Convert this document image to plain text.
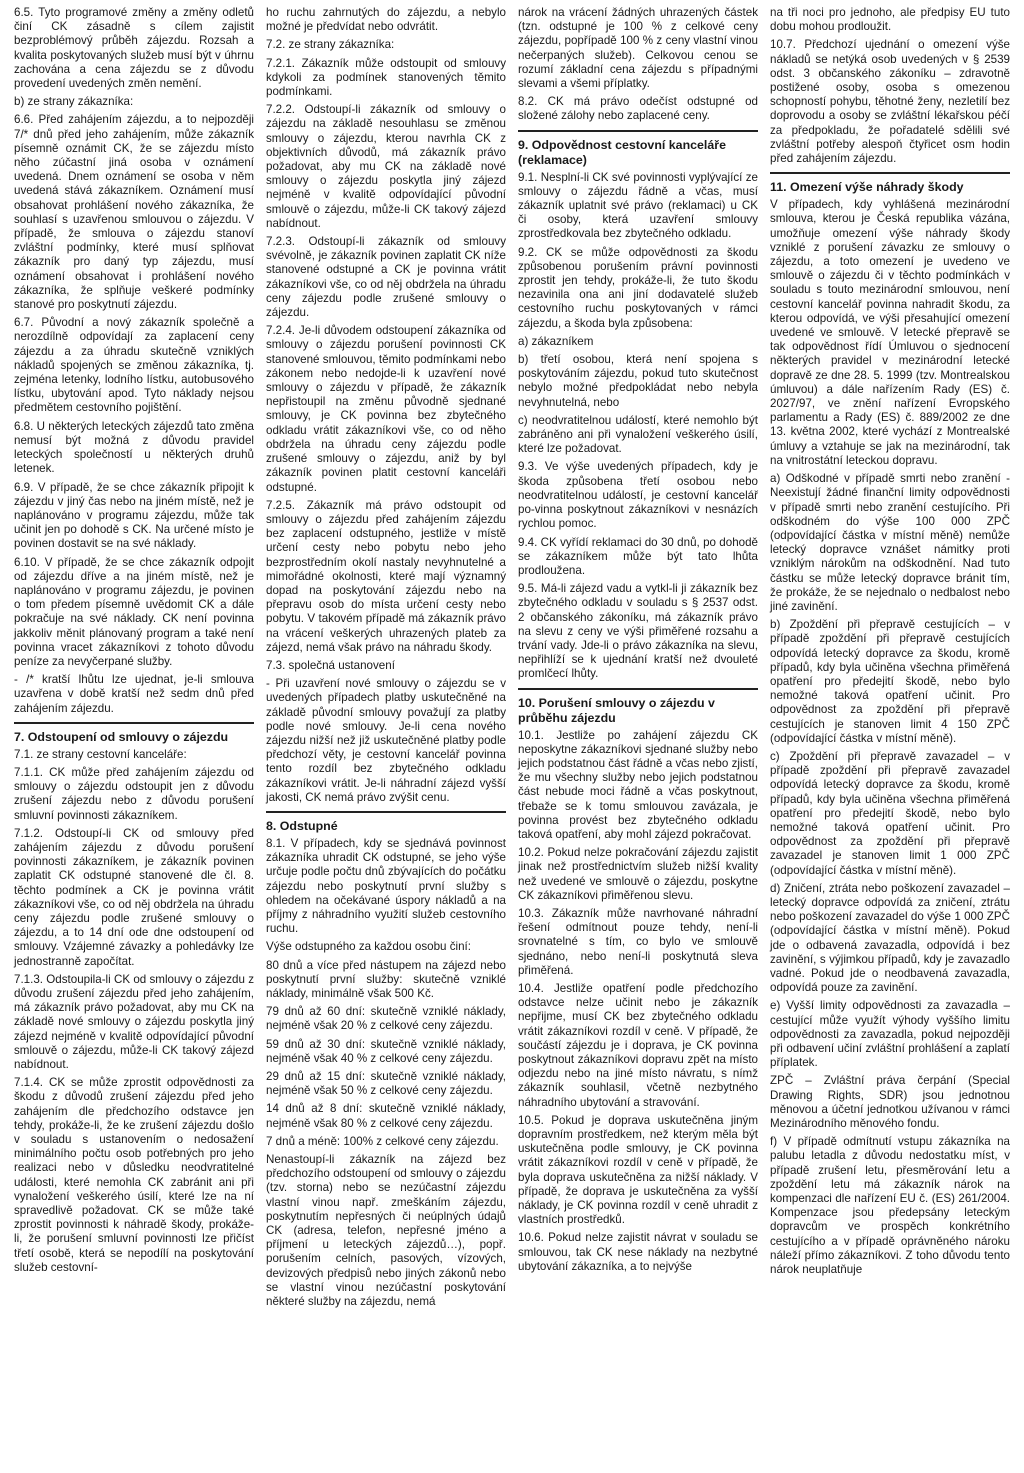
6.5. Tyto programové změny a změny odletů činí CK zásadně s cílem zajistit bezproblémový průběh zájezdu. Rozsah a kvalita poskytovaných služeb musí být v úhrnu zachována a cena zájezdu se z důvodu provedení uvedených změn nemění.

b) ze strany zákazníka:

6.6. Před zahájením zájezdu, a to nejpozději 7/* dnů před jeho zahájením, může zákazník písemně oznámit CK, že se zájezdu místo něho zúčastní jiná osoba v oznámení uvedená. Dnem oznámení se osoba v něm uvedená stává zákazníkem. Oznámení musí obsahovat prohlášení nového zákazníka, že souhlasí s uzavřenou smlouvou o zájezdu. V případě, že smlouva o zájezdu stanoví zvláštní podmínky, které musí splňovat zákazník pro daný typ zájezdu, musí oznámení obsahovat i prohlášení nového zákazníka, že splňuje veškeré podmínky stanové pro poskytnutí zájezdu.

6.7. Původní a nový zákazník společně a nerozdílně odpovídají za zaplacení ceny zájezdu a za úhradu skutečně vzniklých nákladů spojených se změnou zákazníka, tj. zejména letenky, lodního lístku, autobusového lístku, ubytování apod. Tyto náklady nejsou předmětem cestovního pojištění.

6.8. U některých leteckých zájezdů tato změna nemusí být možná z důvodu pravidel leteckých společností u některých druhů letenek.

6.9. V případě, že se chce zákazník připojit k zájezdu v jiný čas nebo na jiném místě, než je naplánováno v programu zájezdu, může tak učinit jen po dohodě s CK. Na určené místo je povinen dostavit se na své náklady.

6.10. V případě, že se chce zákazník odpojit od zájezdu dříve a na jiném místě, než je naplánováno v programu zájezdu, je povinen o tom předem písemně uvědomit CK a dále pokračuje na své náklady. CK není povinna jakkoliv měnit plánovaný program a také není povinna vracet zákazníkovi z tohoto důvodu peníze za nevyčerpané služby.

- /* kratší lhůtu lze ujednat, je-li smlouva uzavřena v době kratší než sedm dnů před zahájením zájezdu.

7. Odstoupení od smlouvy o zájezdu

7.1. ze strany cestovní kanceláře:

7.1.1. CK může před zahájením zájezdu od smlouvy o zájezdu odstoupit jen z důvodu zrušení zájezdu nebo z důvodu porušení smluvní povinnosti zákazníkem.

7.1.2. Odstoupí-li CK od smlouvy před zahájením zájezdu z důvodu porušení povinnosti zákazníkem, je zákazník povinen zaplatit CK odstupné stanovené dle čl. 8. těchto podmínek a CK je povinna vrátit zákazníkovi vše, co od něj obdržela na úhradu ceny zájezdu podle zrušené smlouvy o zájezdu, a to 14 dní ode dne odstoupení od smlouvy. Vzájemné závazky a pohledávky lze jednostranně započítat.

7.1.3. Odstoupila-li CK od smlouvy o zájezdu z důvodu zrušení zájezdu před jeho zahájením, má zákazník právo požadovat, aby mu CK na základě nové smlouvy o zájezdu poskytla jiný zájezd nejméně v kvalitě odpovídající původní smlouvě o zájezdu, může-li CK takový zájezd nabídnout.

7.1.4. CK se může zprostit odpovědnosti za škodu z důvodů zrušení zájezdu před jeho zahájením dle předchozího odstavce jen tehdy, prokáže-li, že ke zrušení zájezdu došlo v souladu s ustanovením o nedosažení minimálního počtu osob potřebných pro jeho realizaci nebo v důsledku neodvratitelné události, které nemohla CK zabránit ani při vynaložení veškerého úsilí, které lze na ní spravedlivě požadovat. CK se může také zprostit povinnosti k náhradě škody, prokáže-li, že porušení smluvní povinnosti lze přičíst třetí osobě, která se nepodílí na poskytování služeb cestovní-

ho ruchu zahrnutých do zájezdu, a nebylo možné je předvídat nebo odvrátit.

7.2. ze strany zákazníka:

7.2.1. Zákazník může odstoupit od smlouvy kdykoli za podmínek stanovených těmito podmínkami.

7.2.2. Odstoupí-li zákazník od smlouvy o zájezdu na základě nesouhlasu se změnou smlouvy o zájezdu, kterou navrhla CK z objektivních důvodů, má zákazník právo požadovat, aby mu CK na základě nové smlouvy o zájezdu poskytla jiný zájezd nejméně v kvalitě odpovídající původní smlouvě o zájezdu, může-li CK takový zájezd nabídnout.

7.2.3. Odstoupí-li zákazník od smlouvy svévolně, je zákazník povinen zaplatit CK níže stanovené odstupné a CK je povinna vrátit zákazníkovi vše, co od něj obdržela na úhradu ceny zájezdu podle zrušené smlouvy o zájezdu.

7.2.4. Je-li důvodem odstoupení zákazníka od smlouvy o zájezdu porušení povinnosti CK stanovené smlouvou, těmito podmínkami nebo zákonem nebo nedojde-li k uzavření nové smlouvy o zájezdu v případě, že zákazník nepřistoupil na změnu původně sjednané smlouvy, je CK povinna bez zbytečného odkladu vrátit zákazníkovi vše, co od něho obdržela na úhradu ceny zájezdu podle zrušené smlouvy o zájezdu, aniž by byl zákazník povinen platit cestovní kanceláři odstupné.

7.2.5. Zákazník má právo odstoupit od smlouvy o zájezdu před zahájením zájezdu bez zaplacení odstupného, jestliže v místě určení cesty nebo pobytu nebo jeho bezprostředním okolí nastaly nevyhnutelné a mimořádné okolnosti, které mají významný dopad na poskytování zájezdu nebo na přepravu osob do místa určení cesty nebo pobytu. V takovém případě má zákazník právo na vrácení veškerých uhrazených plateb za zájezd, nemá však právo na náhradu škody.

7.3. společná ustanovení

- Při uzavření nové smlouvy o zájezdu se v uvedených případech platby uskutečněné na základě původní smlouvy považují za platby podle nové smlouvy. Je-li cena nového zájezdu nižší než již uskutečněné platby podle předchozí věty, je cestovní kancelář povinna tento rozdíl bez zbytečného odkladu zákazníkovi vrátit. Je-li náhradní zájezd vyšší jakosti, CK nemá právo zvýšit cenu.

8. Odstupné

8.1. V případech, kdy se sjednává povinnost zákazníka uhradit CK odstupné, se jeho výše určuje podle počtu dnů zbývajících do počátku zájezdu nebo poskytnutí první služby s ohledem na očekávané úspory nákladů a na příjmy z náhradního využití služeb cestovního ruchu.

Výše odstupného za každou osobu činí:

80 dnů a více před nástupem na zájezd nebo poskytnutí první služby: skutečně vzniklé náklady, minimálně však 500 Kč.

79 dnů až 60 dní: skutečně vzniklé náklady, nejméně však 20 % z celkové ceny zájezdu.

59 dnů až 30 dní: skutečně vzniklé náklady, nejméně však 40 % z celkové ceny zájezdu.

29 dnů až 15 dní: skutečně vzniklé náklady, nejméně však 50 % z celkové ceny zájezdu.

14 dnů až 8 dní: skutečně vzniklé náklady, nejméně však 80 % z celkové ceny zájezdu.

7 dnů a méně: 100% z celkové ceny zájezdu.

Nenastoupí-li zákazník na zájezd bez předchozího odstoupení od smlouvy o zájezdu (tzv. storna) nebo se nezúčastní zájezdu vlastní vinou např. zmeškáním zájezdu, poskytnutím nepřesných či neúplných údajů CK (adresa, telefon, nepřesné jméno a příjmení u leteckých zájezdů…), popř. porušením celních, pasových, vízových, devizových předpisů nebo jiných zákonů nebo se vlastní vinou nezúčastní poskytování některé služby na zájezdu, nemá

nárok na vrácení žádných uhrazených částek (tzn. odstupné je 100 % z celkové ceny zájezdu, popřípadě 100 % z ceny vlastní vinou nečerpaných služeb). Celkovou cenou se rozumí základní cena zájezdu s případnými slevami a všemi příplatky.

8.2. CK má právo odečíst odstupné od složené zálohy nebo zaplacené ceny.

9. Odpovědnost cestovní kanceláře (reklamace)

9.1. Nesplní-li CK své povinnosti vyplývající ze smlouvy o zájezdu řádně a včas, musí zákazník uplatnit své právo (reklamaci) u CK či osoby, která uzavření smlouvy zprostředkovala bez zbytečného odkladu.

9.2. CK se může odpovědnosti za škodu způsobenou porušením právní povinnosti zprostit jen tehdy, prokáže-li, že tuto škodu nezavinila ona ani jiní dodavatelé služeb cestovního ruchu poskytovaných v rámci zájezdu, a škoda byla způsobena:

a) zákazníkem

b) třetí osobou, která není spojena s poskytováním zájezdu, pokud tuto skutečnost nebylo možné předpokládat nebo nebyla nevyhnutelná, nebo

c) neodvratitelnou událostí, které nemohlo být zabráněno ani při vynaložení veškerého úsilí, které lze požadovat.

9.3. Ve výše uvedených případech, kdy je škoda způsobena třetí osobou nebo neodvratitelnou událostí, je cestovní kancelář po-vinna poskytnout zákazníkovi v nesnázích rychlou pomoc.

9.4. CK vyřídí reklamaci do 30 dnů, po dohodě se zákazníkem může být tato lhůta prodloužena.

9.5. Má-li zájezd vadu a vytkl-li ji zákazník bez zbytečného odkladu v souladu s § 2537 odst. 2 občanského zákoníku, má zákazník právo na slevu z ceny ve výši přiměřené rozsahu a trvání vady. Jde-li o právo zákazníka na slevu, nepřihlíží se k ujednání kratší než dvouleté promlčecí lhůty.

10. Porušení smlouvy o zájezdu v průběhu zájezdu

10.1. Jestliže po zahájení zájezdu CK neposkytne zákazníkovi sjednané služby nebo jejich podstatnou část řádně a včas nebo zjistí, že mu všechny služby nebo jejich podstatnou část nebude moci řádně a včas poskytnout, třebaže se k tomu smlouvou zavázala, je povinna provést bez zbytečného odkladu taková opatření, aby mohl zájezd pokračovat.

10.2. Pokud nelze pokračování zájezdu zajistit jinak než prostřednictvím služeb nižší kvality než uvedené ve smlouvě o zájezdu, poskytne CK zákazníkovi přiměřenou slevu.

10.3. Zákazník může navrhované náhradní řešení odmítnout pouze tehdy, není-li srovnatelné s tím, co bylo ve smlouvě sjednáno, nebo není-li poskytnutá sleva přiměřená.

10.4. Jestliže opatření podle předchozího odstavce nelze učinit nebo je zákazník nepřijme, musí CK bez zbytečného odkladu vrátit zákazníkovi rozdíl v ceně. V případě, že součástí zájezdu je i doprava, je CK povinna poskytnout zákazníkovi dopravu zpět na místo odjezdu nebo na jiné místo návratu, s nímž zákazník souhlasil, včetně nezbytného náhradního ubytování a stravování.

10.5. Pokud je doprava uskutečněna jiným dopravním prostředkem, než kterým měla být uskutečněna podle smlouvy, je CK povinna vrátit zákazníkovi rozdíl v ceně v případě, že byla doprava uskutečněna za nižší náklady. V případě, že doprava je uskutečněna za vyšší náklady, je CK povinna rozdíl v ceně uhradit z vlastních prostředků.

10.6. Pokud nelze zajistit návrat v souladu se smlouvou, tak CK nese náklady na nezbytné ubytování zákazníka, a to nejvýše

na tři noci pro jednoho, ale předpisy EU tuto dobu mohou prodloužit.

10.7. Předchozí ujednání o omezení výše nákladů se netýká osob uvedených v § 2539 odst. 3 občanského zákoníku – zdravotně postižené osoby, osoba s omezenou schopností pohybu, těhotné ženy, nezletilí bez doprovodu a osoby se zvláštní lékařskou péčí za předpokladu, že pořadatelé sdělili své zvláštní potřeby alespoň čtyřicet osm hodin před zahájením zájezdu.

11. Omezení výše náhrady škody

V případech, kdy vyhlášená mezinárodní smlouva, kterou je Česká republika vázána, umožňuje omezení výše náhrady škody vzniklé z porušení závazku ze smlouvy o zájezdu, a toto omezení je uvedeno ve smlouvě o zájezdu či v těchto podmínkách v souladu s touto mezinárodní smlouvou, není cestovní kancelář povinna nahradit škodu, za kterou odpovídá, ve výši přesahující omezení uvedené ve smlouvě. V letecké přepravě se tak odpovědnost řídí Úmluvou o sjednocení některých pravidel v mezinárodní letecké dopravě ze dne 28. 5. 1999 (tzv. Montrealskou úmluvou) a dále nařízením Rady (ES) č. 2027/97, ve znění nařízení Evropského parlamentu a Rady (ES) č. 889/2002 ze dne 13. května 2002, které vychází z Montrealské úmluvy a vztahuje se jak na mezinárodní, tak na vnitrostátní leteckou dopravu.

a) Odškodné v případě smrti nebo zranění - Neexistují žádné finanční limity odpovědnosti v případě smrti nebo zranění cestujícího. Při odškodném do výše 100 000 ZPČ (odpovídající částka v místní měně) nemůže letecký dopravce vznášet námitky proti vzniklým nárokům na odškodnění. Nad tuto částku se může letecký dopravce bránit tím, že prokáže, že se nejednalo o nedbalost nebo jiné zavinění.

b) Zpoždění při přepravě cestujících – v případě zpoždění při přepravě cestujících odpovídá letecký dopravce za škodu, kromě případů, kdy byla učiněna všechna přiměřená opatření pro předejití škodě, nebo bylo nemožné taková opatření učinit. Pro odpovědnost za zpoždění při přepravě cestujících je stanoven limit 4 150 ZPČ (odpovídající částka v místní měně).

c) Zpoždění při přepravě zavazadel – v případě zpoždění při přepravě zavazadel odpovídá letecký dopravce za škodu, kromě případů, kdy byla učiněna všechna přiměřená opatření pro předejití škodě, nebo bylo nemožné taková opatření učinit. Pro odpovědnost za zpoždění při přepravě zavazadel je stanoven limit 1 000 ZPČ (odpovídající částka v místní měně).

d) Zničení, ztráta nebo poškození zavazadel – letecký dopravce odpovídá za zničení, ztrátu nebo poškození zavazadel do výše 1 000 ZPČ (odpovídající částka v místní měně). Pokud jde o odbavená zavazadla, odpovídá i bez zavinění, s výjimkou případů, kdy je zavazadlo vadné. Pokud jde o neodbavená zavazadla, odpovídá pouze za zavinění.

e) Vyšší limity odpovědnosti za zavazadla – cestující může využít výhody vyššího limitu odpovědnosti za zavazadla, pokud nejpozději při odbavení učiní zvláštní prohlášení a zaplatí příplatek.

ZPČ – Zvláštní práva čerpání (Special Drawing Rights, SDR) jsou jednotnou měnovou a účetní jednotkou užívanou v rámci Mezinárodního měnového fondu.

f) V případě odmítnutí vstupu zákazníka na palubu letadla z důvodu nedostatku míst, v případě zrušení letu, přesměrování letu a zpoždění letu má zákazník nárok na kompenzaci dle nařízení EU č. (ES) 261/2004. Kompenzace jsou předepsány leteckým dopravcům ve prospěch konkrétního cestujícího a v případě oprávněného nároku náleží přímo zákazníkovi. Z toho důvodu tento nárok neuplatňuje
